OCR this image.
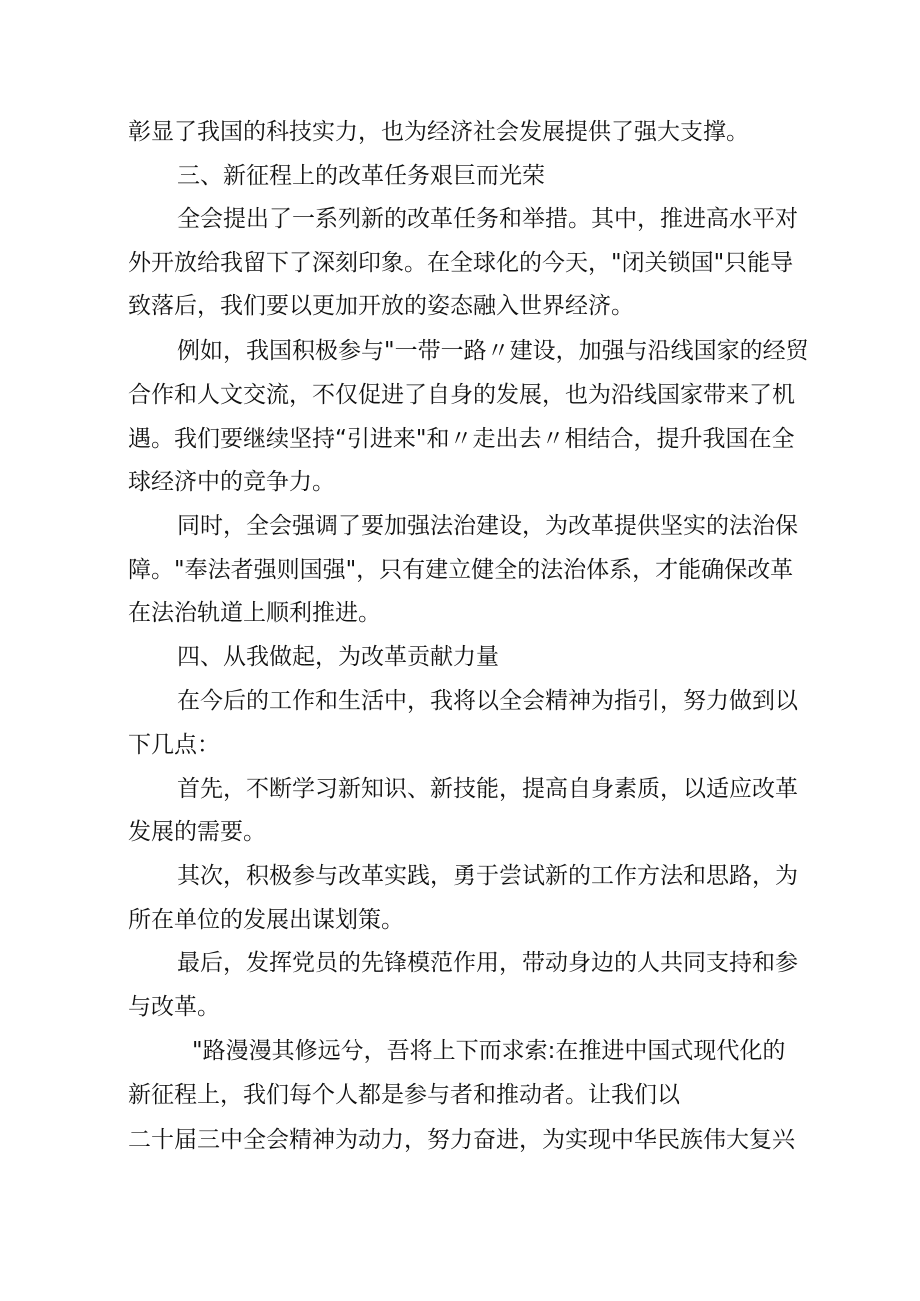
彰显了我国的科技实力，也为经济社会发展提供了强大支撑。
三、新征程上的改革任务艰巨而光荣
全会提出了一系列新的改革任务和举措。其中，推进高水平对
外开放给我留下了深刻印象。在全球化的今天，"闭关锁国"只能导
致落后，我们要以更加开放的姿态融入世界经济。
例如，我国积极参与"一带一路〃建设，加强与沿线国家的经贸
合作和人文交流，不仅促进了自身的发展，也为沿线国家带来了机
遇。我们要继续坚持“引进来"和〃走出去〃相结合，提升我国在全
球经济中的竞争力。
同时，全会强调了要加强法治建设，为改革提供坚实的法治保
障。"奉法者强则国强"，只有建立健全的法治体系，才能确保改革
在法治轨道上顺利推进。
四、从我做起，为改革贡献力量
在今后的工作和生活中，我将以全会精神为指引，努力做到以
下几点：
首先，不断学习新知识、新技能，提高自身素质，以适应改革
发展的需要。
其次，积极参与改革实践，勇于尝试新的工作方法和思路，为
所在单位的发展出谋划策。
最后，发挥党员的先锋模范作用，带动身边的人共同支持和参
与改革。
"路漫漫其修远兮，吾将上下而求索:在推进中国式现代化的
新征程上，我们每个人都是参与者和推动者。让我们以
二十届三中全会精神为动力，努力奋进，为实现中华民族伟大复兴
